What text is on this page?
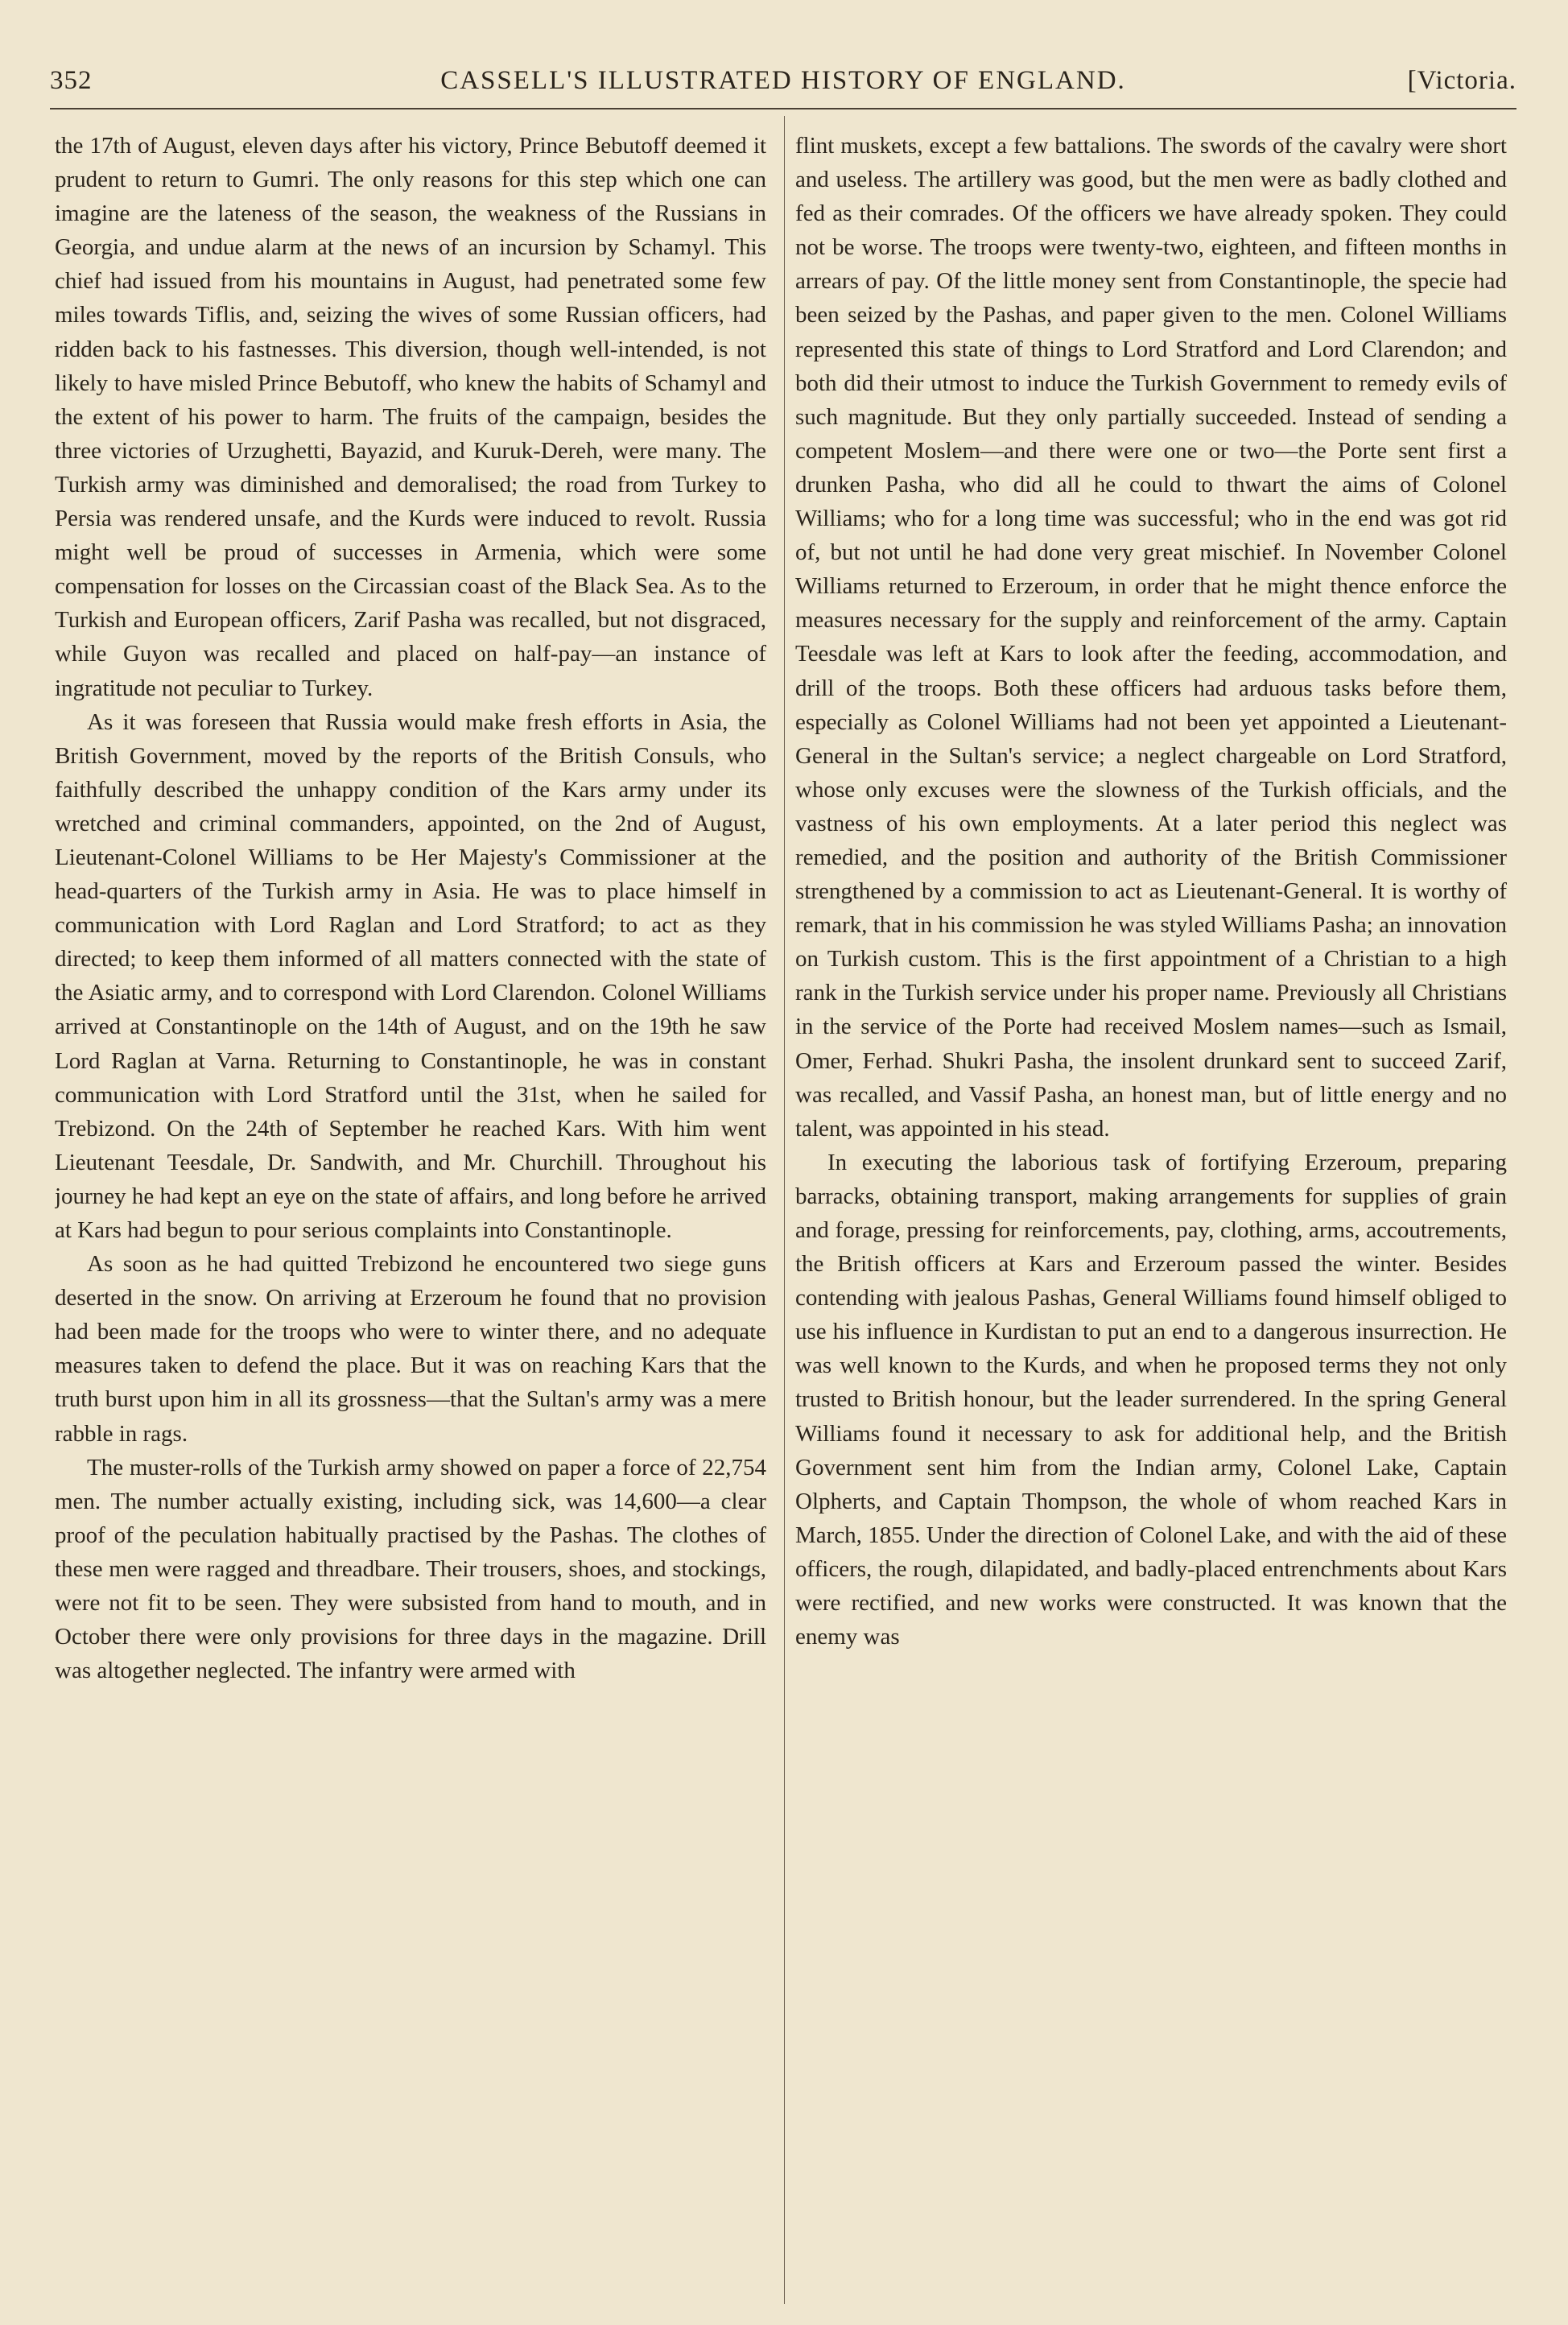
352	CASSELL'S ILLUSTRATED HISTORY OF ENGLAND.	[Victoria.

the 17th of August, eleven days after his victory, Prince Bebutoff deemed it prudent to return to Gumri. The only reasons for this step which one can imagine are the lateness of the season, the weakness of the Russians in Georgia, and undue alarm at the news of an incursion by Schamyl. This chief had issued from his mountains in August, had penetrated some few miles towards Tiflis, and, seizing the wives of some Russian officers, had ridden back to his fastnesses. This diversion, though well-intended, is not likely to have misled Prince Bebutoff, who knew the habits of Schamyl and the extent of his power to harm. The fruits of the campaign, besides the three victories of Urzughetti, Bayazid, and Kuruk-Dereh, were many. The Turkish army was diminished and demoralised; the road from Turkey to Persia was rendered unsafe, and the Kurds were induced to revolt. Russia might well be proud of successes in Armenia, which were some compensation for losses on the Circassian coast of the Black Sea. As to the Turkish and European officers, Zarif Pasha was recalled, but not disgraced, while Guyon was recalled and placed on half-pay—an instance of ingratitude not peculiar to Turkey.

As it was foreseen that Russia would make fresh efforts in Asia, the British Government, moved by the reports of the British Consuls, who faithfully described the unhappy condition of the Kars army under its wretched and criminal commanders, appointed, on the 2nd of August, Lieutenant-Colonel Williams to be Her Majesty's Commissioner at the head-quarters of the Turkish army in Asia. He was to place himself in communication with Lord Raglan and Lord Stratford; to act as they directed; to keep them informed of all matters connected with the state of the Asiatic army, and to correspond with Lord Clarendon. Colonel Williams arrived at Constantinople on the 14th of August, and on the 19th he saw Lord Raglan at Varna. Returning to Constantinople, he was in constant communication with Lord Stratford until the 31st, when he sailed for Trebizond. On the 24th of September he reached Kars. With him went Lieutenant Teesdale, Dr. Sandwith, and Mr. Churchill. Throughout his journey he had kept an eye on the state of affairs, and long before he arrived at Kars had begun to pour serious complaints into Constantinople.

As soon as he had quitted Trebizond he encountered two siege guns deserted in the snow. On arriving at Erzeroum he found that no provision had been made for the troops who were to winter there, and no adequate measures taken to defend the place. But it was on reaching Kars that the truth burst upon him in all its grossness—that the Sultan's army was a mere rabble in rags.

The muster-rolls of the Turkish army showed on paper a force of 22,754 men. The number actually existing, including sick, was 14,600—a clear proof of the peculation habitually practised by the Pashas. The clothes of these men were ragged and threadbare. Their trousers, shoes, and stockings, were not fit to be seen. They were subsisted from hand to mouth, and in October there were only provisions for three days in the magazine. Drill was altogether neglected. The infantry were armed with

flint muskets, except a few battalions. The swords of the cavalry were short and useless. The artillery was good, but the men were as badly clothed and fed as their comrades. Of the officers we have already spoken. They could not be worse. The troops were twenty-two, eighteen, and fifteen months in arrears of pay. Of the little money sent from Constantinople, the specie had been seized by the Pashas, and paper given to the men. Colonel Williams represented this state of things to Lord Stratford and Lord Clarendon; and both did their utmost to induce the Turkish Government to remedy evils of such magnitude. But they only partially succeeded. Instead of sending a competent Moslem—and there were one or two—the Porte sent first a drunken Pasha, who did all he could to thwart the aims of Colonel Williams; who for a long time was successful; who in the end was got rid of, but not until he had done very great mischief. In November Colonel Williams returned to Erzeroum, in order that he might thence enforce the measures necessary for the supply and reinforcement of the army. Captain Teesdale was left at Kars to look after the feeding, accommodation, and drill of the troops. Both these officers had arduous tasks before them, especially as Colonel Williams had not been yet appointed a Lieutenant-General in the Sultan's service; a neglect chargeable on Lord Stratford, whose only excuses were the slowness of the Turkish officials, and the vastness of his own employments. At a later period this neglect was remedied, and the position and authority of the British Commissioner strengthened by a commission to act as Lieutenant-General. It is worthy of remark, that in his commission he was styled Williams Pasha; an innovation on Turkish custom. This is the first appointment of a Christian to a high rank in the Turkish service under his proper name. Previously all Christians in the service of the Porte had received Moslem names—such as Ismail, Omer, Ferhad. Shukri Pasha, the insolent drunkard sent to succeed Zarif, was recalled, and Vassif Pasha, an honest man, but of little energy and no talent, was appointed in his stead.

In executing the laborious task of fortifying Erzeroum, preparing barracks, obtaining transport, making arrangements for supplies of grain and forage, pressing for reinforcements, pay, clothing, arms, accoutrements, the British officers at Kars and Erzeroum passed the winter. Besides contending with jealous Pashas, General Williams found himself obliged to use his influence in Kurdistan to put an end to a dangerous insurrection. He was well known to the Kurds, and when he proposed terms they not only trusted to British honour, but the leader surrendered. In the spring General Williams found it necessary to ask for additional help, and the British Government sent him from the Indian army, Colonel Lake, Captain Olpherts, and Captain Thompson, the whole of whom reached Kars in March, 1855. Under the direction of Colonel Lake, and with the aid of these officers, the rough, dilapidated, and badly-placed entrenchments about Kars were rectified, and new works were constructed. It was known that the enemy was
